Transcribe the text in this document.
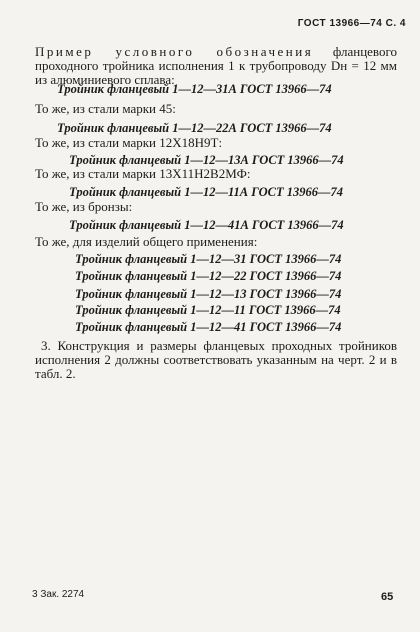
ГОСТ 13966—74 С. 4
Пример условного обозначения фланцевого проходного тройника исполнения 1 к трубопроводу Dн = 12 мм из алюминиевого сплава:
Тройник фланцевый 1—12—31А ГОСТ 13966—74
То же, из стали марки 45:
Тройник фланцевый 1—12—22А ГОСТ 13966—74
То же, из стали марки 12Х18Н9Т:
Тройник фланцевый 1—12—13А ГОСТ 13966—74
То же, из стали марки 13Х11Н2В2МФ:
Тройник фланцевый 1—12—11А ГОСТ 13966—74
То же, из бронзы:
Тройник фланцевый 1—12—41А ГОСТ 13966—74
То же, для изделий общего применения:
Тройник фланцевый 1—12—31 ГОСТ 13966—74
Тройник фланцевый 1—12—22 ГОСТ 13966—74
Тройник фланцевый 1—12—13 ГОСТ 13966—74
Тройник фланцевый 1—12—11 ГОСТ 13966—74
Тройник фланцевый 1—12—41 ГОСТ 13966—74
3. Конструкция и размеры фланцевых проходных тройников исполнения 2 должны соответствовать указанным на черт. 2 и в табл. 2.
3 Зак. 2274	65
